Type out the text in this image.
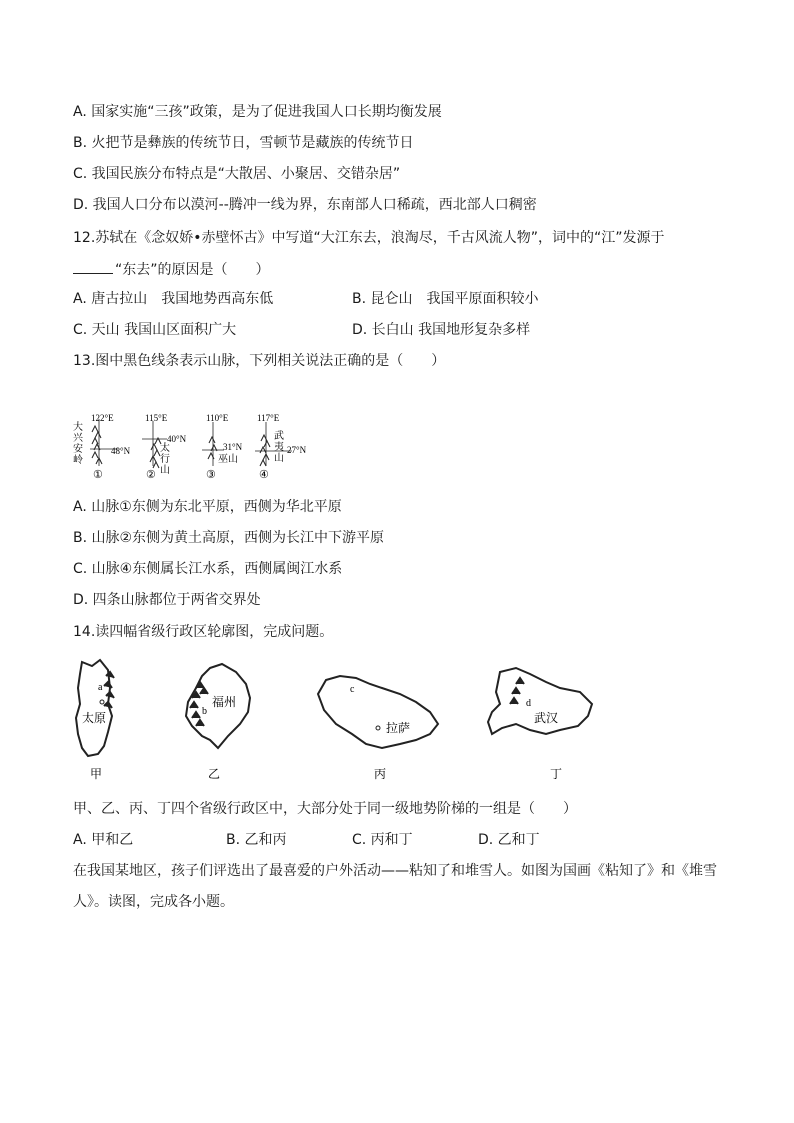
A. 国家实施“三孩”政策，是为了促进我国人口长期均衡发展
B. 火把节是彝族的传统节日，雪顿节是藏族的传统节日
C. 我国民族分布特点是“大散居、小聚居、交错杂居”
D. 我国人口分布以漠河--腾冲一线为界，东南部人口稀疏，西北部人口稠密
12.苏轼在《念奴娇•赤壁怀古》中写道“大江东去，浪淘尽，千古风流人物”，词中的“江”发源于
“东去”的原因是（　　）
A. 唐古拉山　我国地势西高东低	B. 昆仑山　我国平原面积较小
C. 天山 我国山区面积广大	D. 长白山 我国地形复杂多样
13.图中黑色线条表示山脉，下列相关说法正确的是（　　）
122°E
48°N
大
兴
安
岭
①
115°E
40°N
太
行
山
②
110°E
31°N
巫山
③
117°E
27°N
武
夷
山
④
A. 山脉①东侧为东北平原，西侧为华北平原
B. 山脉②东侧为黄土高原，西侧为长江中下游平原
C. 山脉④东侧属长江水系，西侧属闽江水系
D. 四条山脉都位于两省交界处
14.读四幅省级行政区轮廓图，完成问题。
a
太原
甲
福州
b
乙
c
拉萨
丙
d
武汉
丁
甲、乙、丙、丁四个省级行政区中，大部分处于同一级地势阶梯的一组是（　　）
A. 甲和乙	B. 乙和丙	C. 丙和丁	D. 乙和丁
在我国某地区，孩子们评选出了最喜爱的户外活动——粘知了和堆雪人。如图为国画《粘知了》和《堆雪
人》。读图，完成各小题。
